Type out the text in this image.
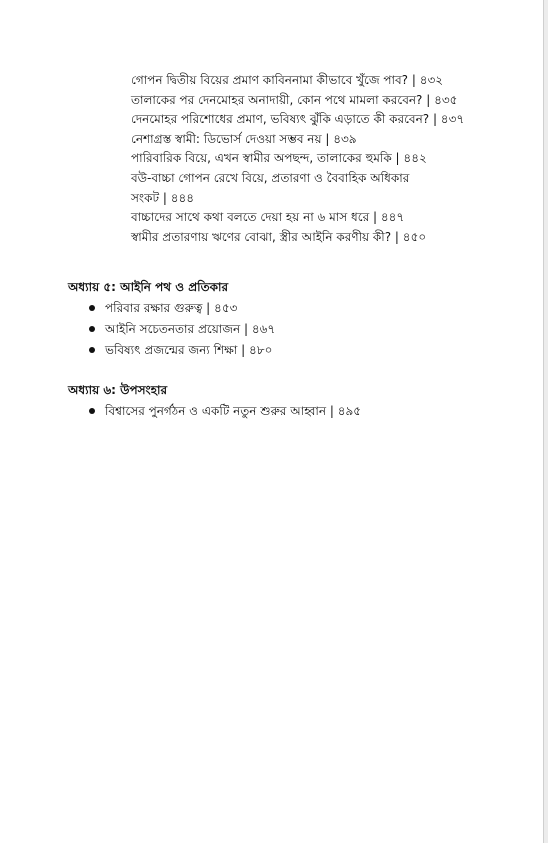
গোপন দ্বিতীয় বিয়ের প্রমাণ কাবিননামা কীভাবে খুঁজে পাব? | ৪৩২
তালাকের পর দেনমোহর অনাদায়ী, কোন পথে মামলা করবেন? | ৪৩৫
দেনমোহর পরিশোধের প্রমাণ, ভবিষ্যৎ ঝুঁকি এড়াতে কী করবেন? | ৪৩৭
নেশাগ্রস্ত স্বামী: ডিভোর্স দেওয়া সম্ভব নয় | ৪৩৯
পারিবারিক বিয়ে, এখন স্বামীর অপছন্দ, তালাকের হুমকি | ৪৪২
বউ-বাচ্চা গোপন রেখে বিয়ে, প্রতারণা ও বৈবাহিক অধিকার
সংকট | ৪৪৪
বাচ্চাদের সাথে কথা বলতে দেয়া হয় না ৬ মাস ধরে | ৪৪৭
স্বামীর প্রতারণায় ঋণের বোঝা, স্ত্রীর আইনি করণীয় কী? | ৪৫০
অধ্যায় ৫: আইনি পথ ও প্রতিকার
পরিবার রক্ষার গুরুত্ব | ৪৫৩
আইনি সচেতনতার প্রয়োজন | ৪৬৭
ভবিষ্যৎ প্রজন্মের জন্য শিক্ষা | ৪৮০
অধ্যায় ৬: উপসংহার
বিশ্বাসের পুনর্গঠন ও একটি নতুন শুরুর আহ্বান | ৪৯৫
